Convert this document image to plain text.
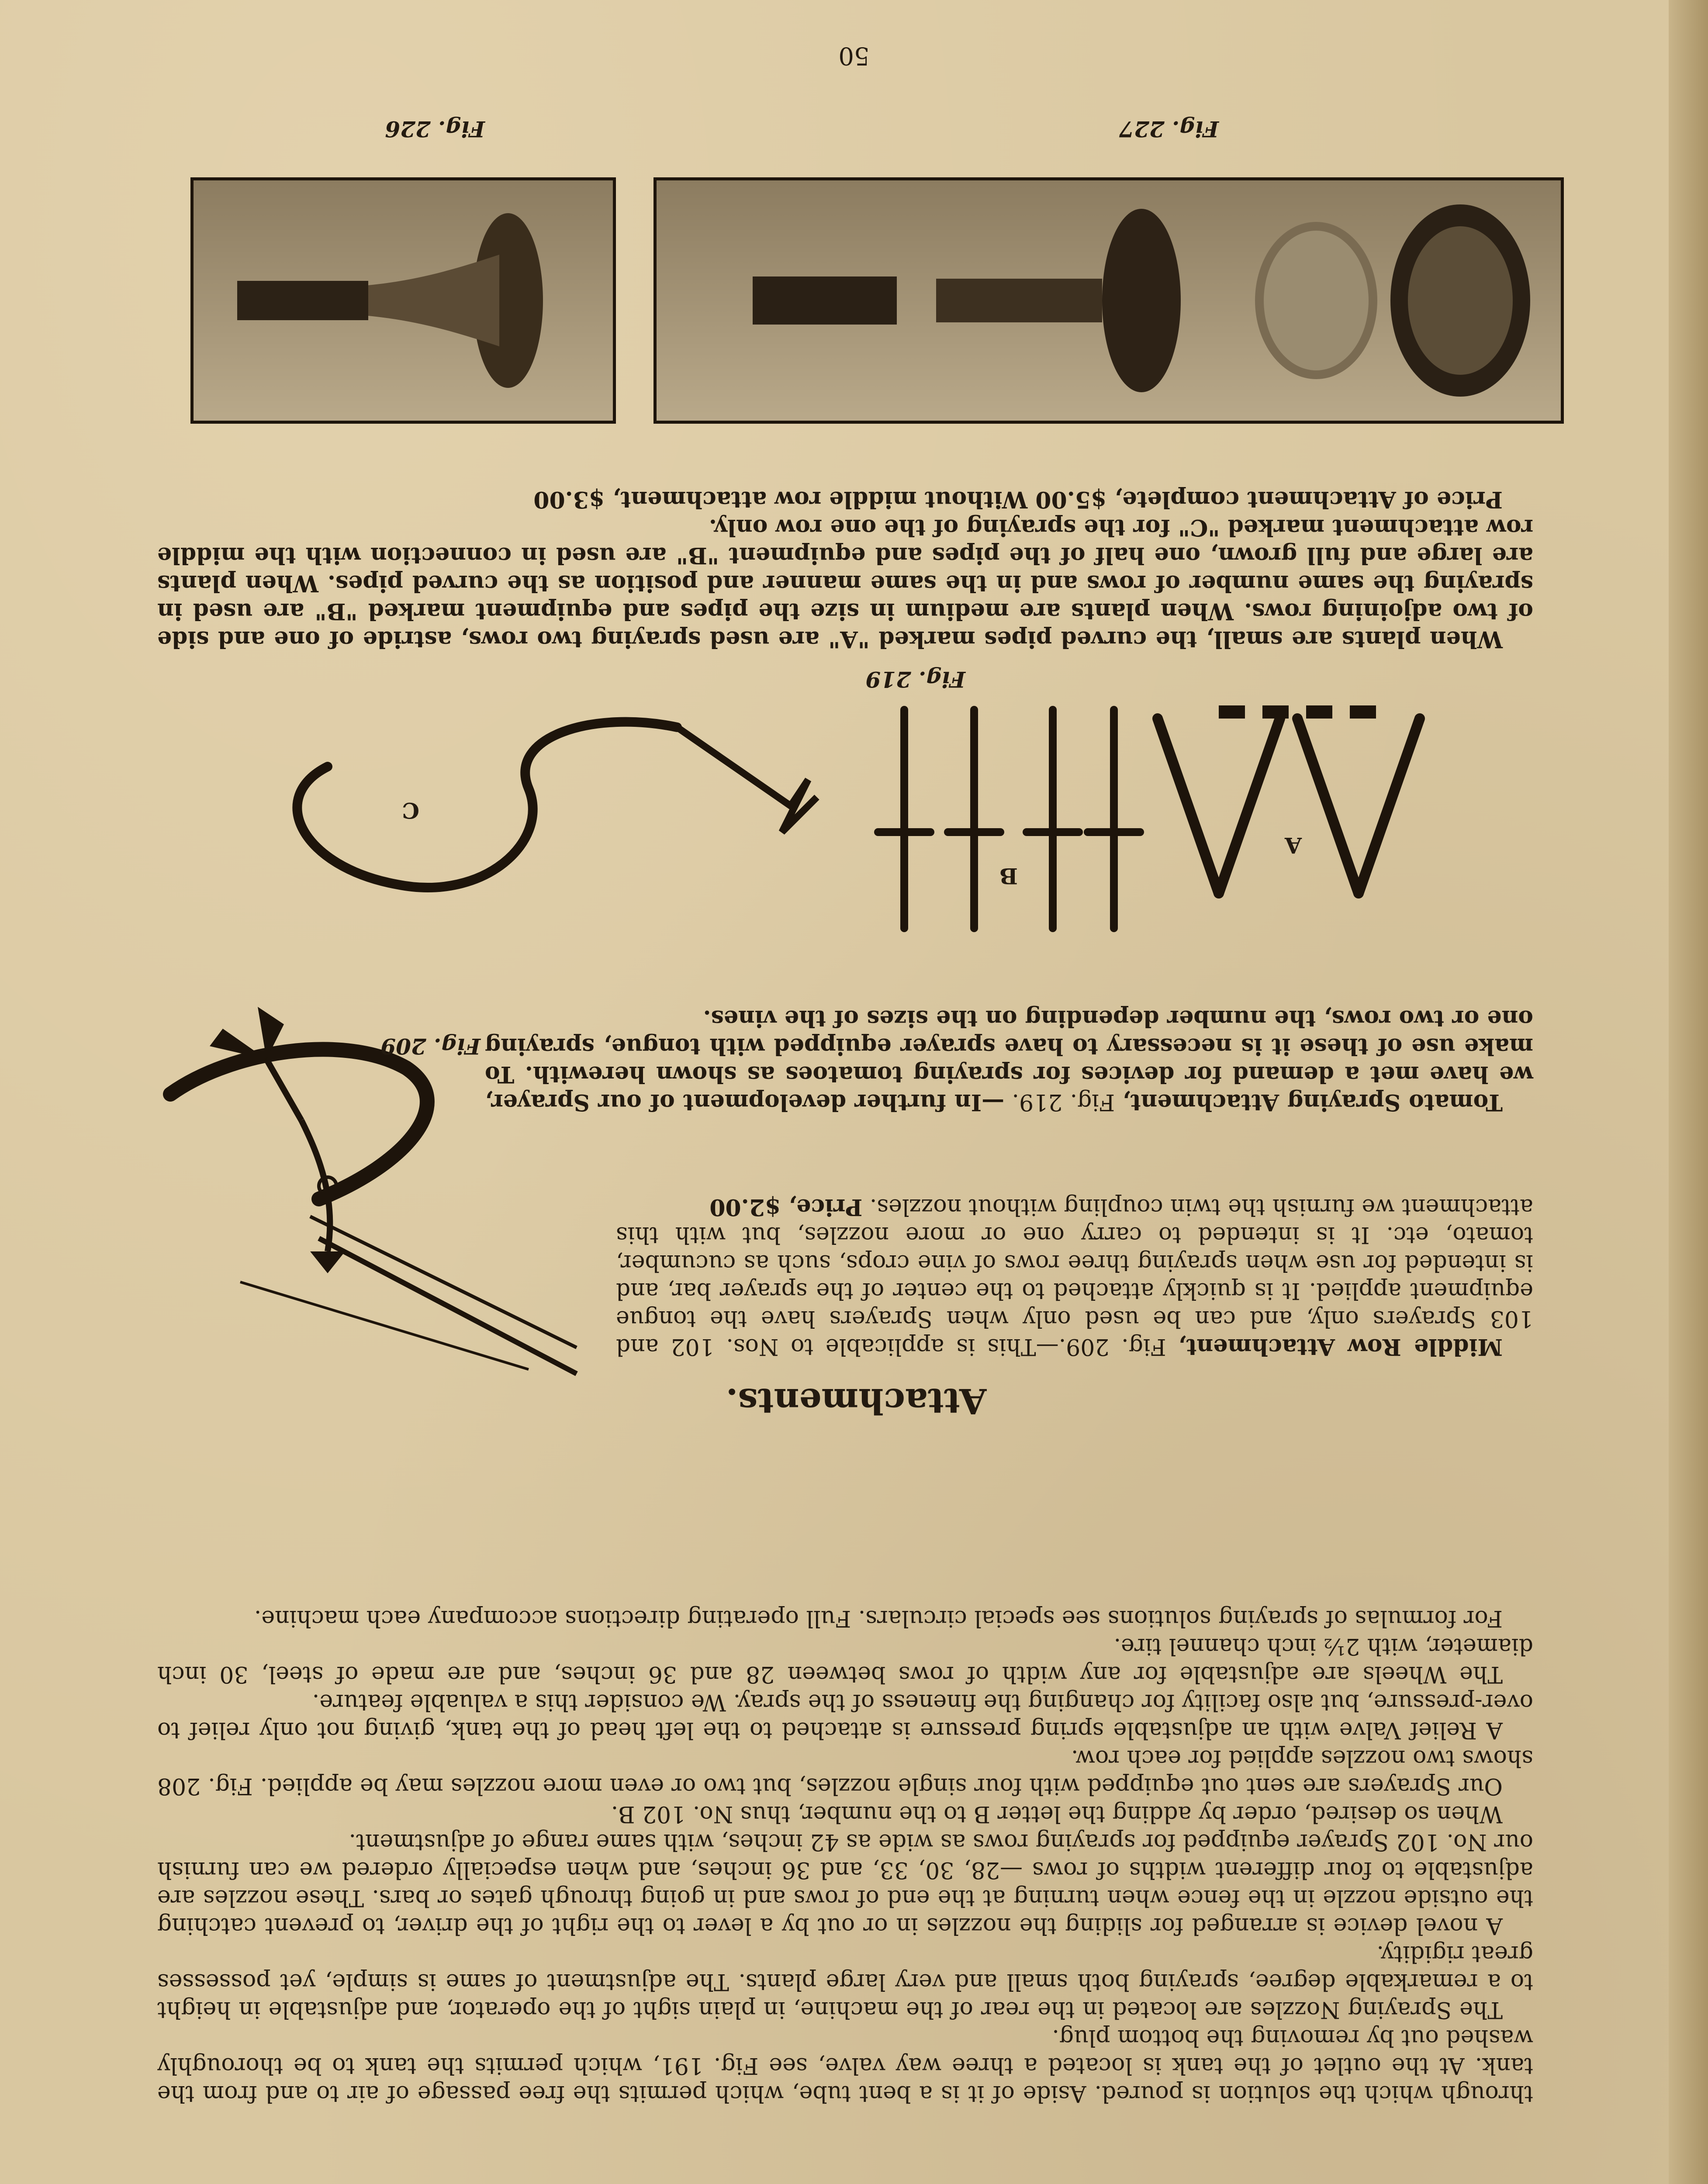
through which the solution is poured. Aside of it is a bent tube, which permits the free passage of air to and from the tank. At the outlet of the tank is located a three way valve, see Fig. 191, which permits the tank to be thoroughly washed out by removing the bottom plug.

The Spraying Nozzles are located in the rear of the machine, in plain sight of the operator, and adjustable in height to a remarkable degree, spraying both small and very large plants. The adjustment of same is simple, yet possesses great rigidity.

A novel device is arranged for sliding the nozzles in or out by a lever to the right of the driver, to prevent catching the outside nozzle in the fence when turning at the end of rows and in going through gates or bars. These nozzles are adjustable to four different widths of rows —28, 30, 33, and 36 inches, and when especially ordered we can furnish our No. 102 Sprayer equipped for spraying rows as wide as 42 inches, with same range of adjustment.

When so desired, order by adding the letter B to the number, thus No. 102 B.

Our Sprayers are sent out equipped with four single nozzles, but two or even more nozzles may be applied. Fig. 208 shows two nozzles applied for each row.

A Relief Valve with an adjustable spring pressure is attached to the left head of the tank, giving not only relief to over-pressure, but also facility for changing the fineness of the spray. We consider this a valuable feature.

The Wheels are adjustable for any width of rows between 28 and 36 inches, and are made of steel, 30 inch diameter, with 2½ inch channel tire.

For formulas of spraying solutions see special circulars. Full operating directions accompany each machine.

Attachments.

Middle Row Attachment, Fig. 209.—This is applicable to Nos. 102 and 103 Sprayers only, and can be used only when Sprayers have the tongue equipment applied. It is quickly attached to the center of the sprayer bar, and is intended for use when spraying three rows of vine crops, such as cucumber, tomato, etc. It is intended to carry one or more nozzles, but with this attachment we furnish the twin coupling without nozzles. Price, $2.00

Fig. 209

Tomato Spraying Attachment, Fig. 219. —In further development of our Sprayer, we have met a demand for devices for spraying tomatoes as shown herewith. To make use of these it is necessary to have sprayer equipped with tongue, spraying one or two rows, the number depending on the sizes of the vines.

A
B
C
Fig. 219

When plants are small, the curved pipes marked "A" are used spraying two rows, astride of one and side of two adjoining rows. When plants are medium in size the pipes and equipment marked "B" are used in spraying the same number of rows and in the same manner and position as the curved pipes. When plants are large and full grown, one half of the pipes and equipment "B" are used in connection with the middle row attachment marked "C" for the spraying of the one row only.

Price of Attachment complete, $5.00 Without middle row attachment, $3.00

Fig. 227
Fig. 226
50
